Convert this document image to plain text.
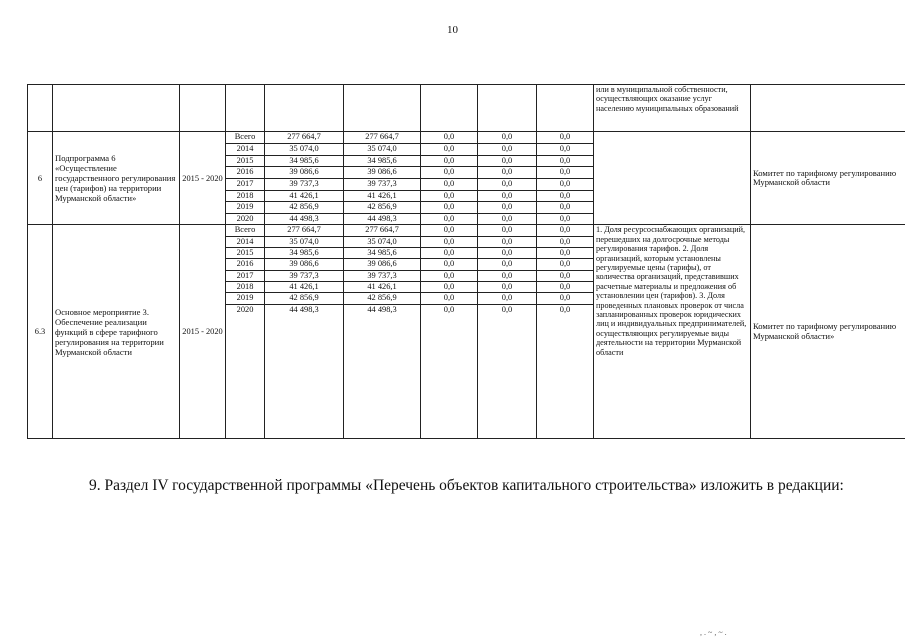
10
									или в муниципальной собственности, осуществляющих оказание услуг населению муниципальных образований	
6	Подпрограмма 6 «Осуществление государственного регулирования цен (тарифов) на территории Мурманской области»	2015 - 2020	Всего	277 664,7	277 664,7	0,0	0,0	0,0		Комитет по тарифному регулированию Мурманской области
			2014	35 074,0	35 074,0	0,0	0,0	0,0		
			2015	34 985,6	34 985,6	0,0	0,0	0,0		
			2016	39 086,6	39 086,6	0,0	0,0	0,0		
			2017	39 737,3	39 737,3	0,0	0,0	0,0		
			2018	41 426,1	41 426,1	0,0	0,0	0,0		
			2019	42 856,9	42 856,9	0,0	0,0	0,0		
			2020	44 498,3	44 498,3	0,0	0,0	0,0		
6.3	Основное мероприятие 3. Обеспечение реализации функций в сфере тарифного регулирования на территории Мурманской области	2015 - 2020	Всего	277 664,7	277 664,7	0,0	0,0	0,0	1. Доля ресурсоснабжающих организаций, перешедших на долгосрочные методы регулирования тарифов. 2. Доля организаций, которым установлены регулируемые цены (тарифы), от количества организаций, представивших расчетные материалы и предложения об установлении цен (тарифов). 3. Доля проведенных плановых проверок от числа запланированных проверок юридических лиц и индивидуальных предпринимателей, осуществляющих регулируемые виды деятельности на территории Мурманской области	Комитет по тарифному регулированию Мурманской области»
			2014	35 074,0	35 074,0	0,0	0,0	0,0		
			2015	34 985,6	34 985,6	0,0	0,0	0,0		
			2016	39 086,6	39 086,6	0,0	0,0	0,0		
			2017	39 737,3	39 737,3	0,0	0,0	0,0		
			2018	41 426,1	41 426,1	0,0	0,0	0,0		
			2019	42 856,9	42 856,9	0,0	0,0	0,0		
			2020	44 498,3	44 498,3	0,0	0,0	0,0		
9. Раздел IV государственной программы «Перечень объектов капитального строительства» изложить в редакции:
, . ~ , ~ .
